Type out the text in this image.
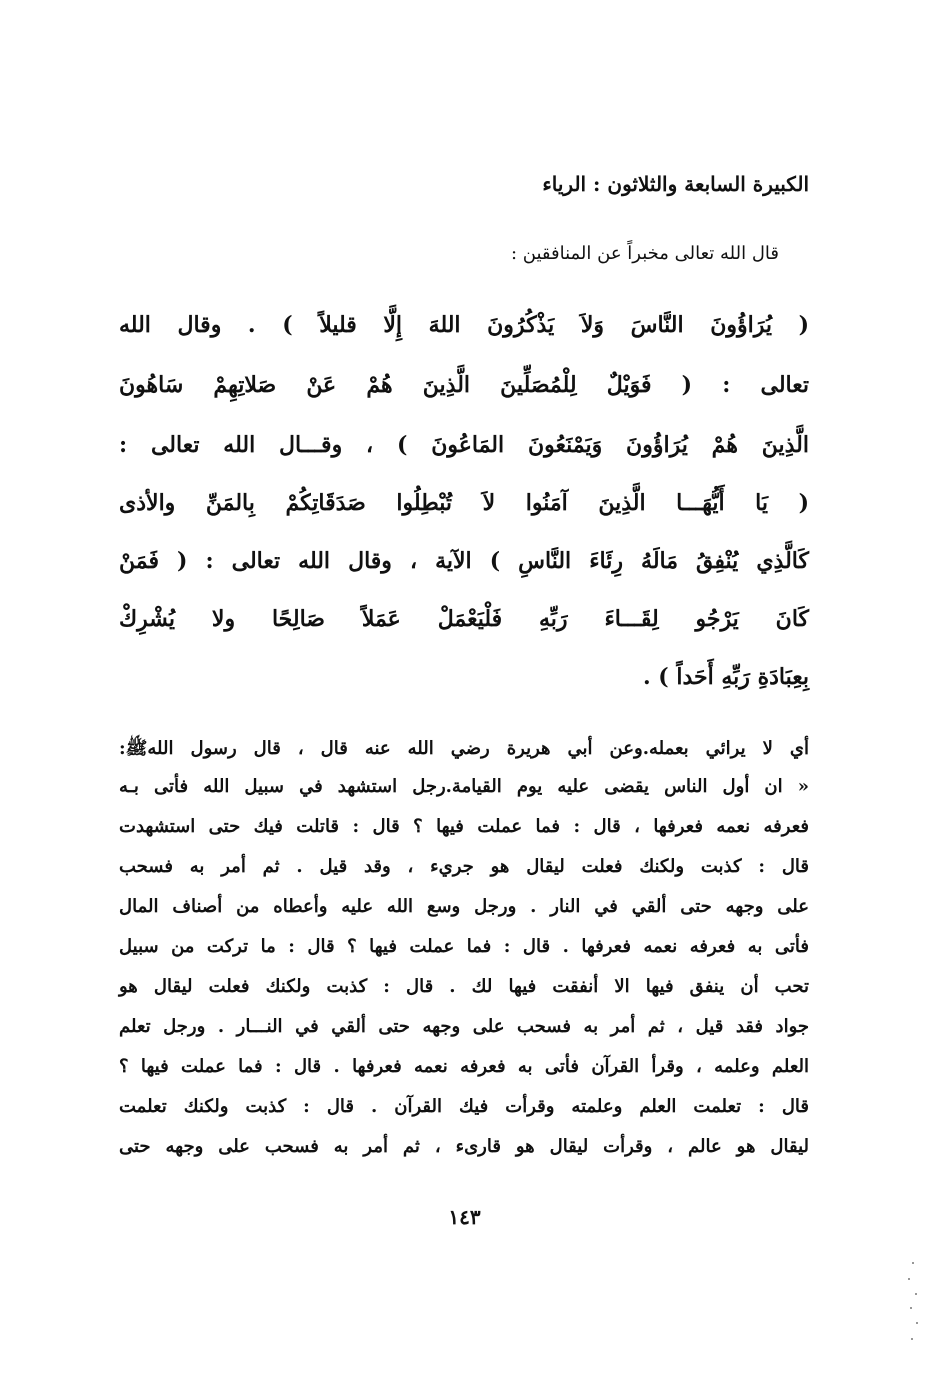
الكبيرة السابعة والثلاثون : الرياء
قال الله تعالى مخبراً عن المنافقين :
( يُرَاؤُونَ النَّاسَ وَلاَ يَذْكُرُونَ اللهَ إِلَّا قليلاً ) . وقال الله
تعالى : ( فَوَيْلٌ لِلْمُصَلِّينَ الَّذِينَ هُمْ عَنْ صَلاتِهِمْ سَاهُونَ
الَّذِينَ هُمْ يُرَاؤُونَ وَيَمْنَعُونَ المَاعُونَ ) ، وقـــال الله تعالى :
( يَا أَيُّهَـــا الَّذِينَ آمَنُوا لاَ تُبْطِلُوا صَدَقَاتِكُمْ بِالمَنِّ والأذى
كَالَّذِي يُنْفِقُ مَالَهُ رِئَاءَ النَّاسِ ) الآية ، وقال الله تعالى : ( فَمَنْ
كَانَ يَرْجُو لِقَـــاءَ رَبِّهِ فَلْيَعْمَلْ عَمَلاً صَالِحًا ولا يُشْرِكْ
بِعِبَادَةِ رَبِّهِ أَحَداً ) .
أي لا يرائي بعمله.وعن أبي هريرة رضي الله عنه قال ، قال رسول اللهﷺ:
« ان أول الناس يقضى عليه يوم القيامة.رجل استشهد في سبيل الله فأتى بـه
فعرفه نعمه فعرفها ، قال : فما عملت فيها ؟ قال : قاتلت فيك حتى استشهدت
قال : كذبت ولكنك فعلت ليقال هو جريء ، وقد قيل . ثم أمر به فسحب
على وجهه حتى ألقي في النار . ورجل وسع الله عليه وأعطاه من أصناف المال
فأتى به فعرفه نعمه فعرفها . قال : فما عملت فيها ؟ قال : ما تركت من سبيل
تحب أن ينفق فيها الا أنفقت فيها لك . قال : كذبت ولكنك فعلت ليقال هو
جواد فقد قيل ، ثم أمر به فسحب على وجهه حتى ألقي في النـــار . ورجل تعلم
العلم وعلمه ، وقرأ القرآن فأتى به فعرفه نعمه فعرفها . قال : فما عملت فيها ؟
قال : تعلمت العلم وعلمته وقرأت فيك القرآن . قال : كذبت ولكنك تعلمت
ليقال هو عالم ، وقرأت ليقال هو قارىء ، ثم أمر به فسحب على وجهه حتى
١٤٣
